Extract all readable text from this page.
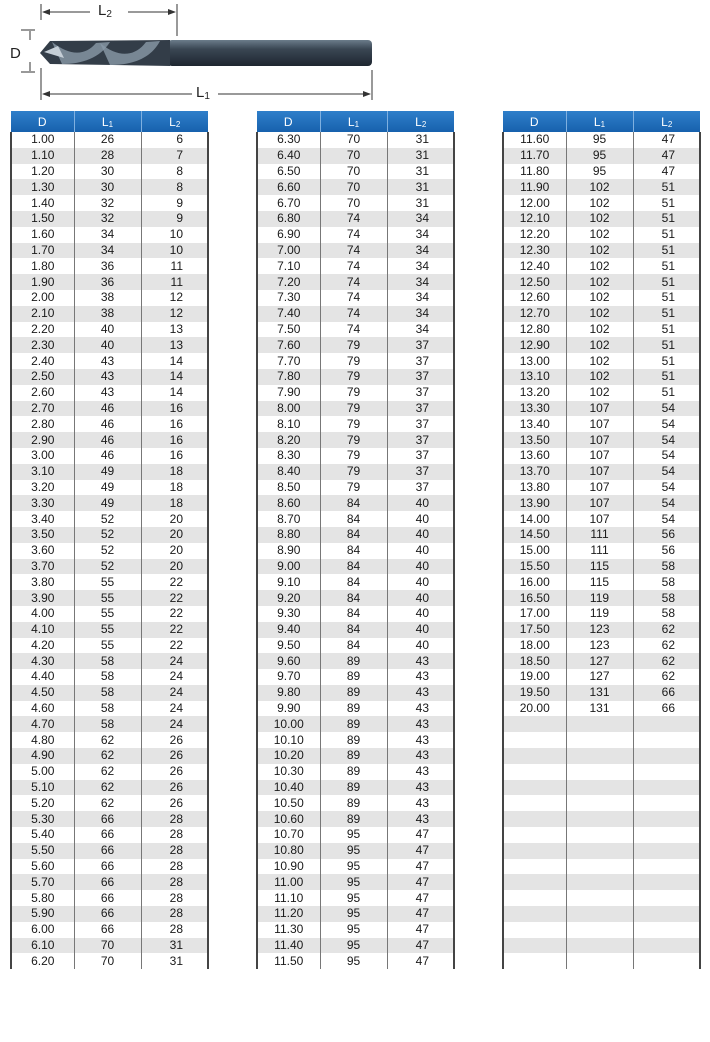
$L_2$
D
$L_1$
D	$L_1$	$L_2$
1.00	26	6
1.10	28	7
1.20	30	8
1.30	30	8
1.40	32	9
1.50	32	9
1.60	34	10
1.70	34	10
1.80	36	11
1.90	36	11
2.00	38	12
2.10	38	12
2.20	40	13
2.30	40	13
2.40	43	14
2.50	43	14
2.60	43	14
2.70	46	16
2.80	46	16
2.90	46	16
3.00	46	16
3.10	49	18
3.20	49	18
3.30	49	18
3.40	52	20
3.50	52	20
3.60	52	20
3.70	52	20
3.80	55	22
3.90	55	22
4.00	55	22
4.10	55	22
4.20	55	22
4.30	58	24
4.40	58	24
4.50	58	24
4.60	58	24
4.70	58	24
4.80	62	26
4.90	62	26
5.00	62	26
5.10	62	26
5.20	62	26
5.30	66	28
5.40	66	28
5.50	66	28
5.60	66	28
5.70	66	28
5.80	66	28
5.90	66	28
6.00	66	28
6.10	70	31
6.20	70	31
D	$L_1$	$L_2$
6.30	70	31
6.40	70	31
6.50	70	31
6.60	70	31
6.70	70	31
6.80	74	34
6.90	74	34
7.00	74	34
7.10	74	34
7.20	74	34
7.30	74	34
7.40	74	34
7.50	74	34
7.60	79	37
7.70	79	37
7.80	79	37
7.90	79	37
8.00	79	37
8.10	79	37
8.20	79	37
8.30	79	37
8.40	79	37
8.50	79	37
8.60	84	40
8.70	84	40
8.80	84	40
8.90	84	40
9.00	84	40
9.10	84	40
9.20	84	40
9.30	84	40
9.40	84	40
9.50	84	40
9.60	89	43
9.70	89	43
9.80	89	43
9.90	89	43
10.00	89	43
10.10	89	43
10.20	89	43
10.30	89	43
10.40	89	43
10.50	89	43
10.60	89	43
10.70	95	47
10.80	95	47
10.90	95	47
11.00	95	47
11.10	95	47
11.20	95	47
11.30	95	47
11.40	95	47
11.50	95	47
D	$L_1$	$L_2$
11.60	95	47
11.70	95	47
11.80	95	47
11.90	102	51
12.00	102	51
12.10	102	51
12.20	102	51
12.30	102	51
12.40	102	51
12.50	102	51
12.60	102	51
12.70	102	51
12.80	102	51
12.90	102	51
13.00	102	51
13.10	102	51
13.20	102	51
13.30	107	54
13.40	107	54
13.50	107	54
13.60	107	54
13.70	107	54
13.80	107	54
13.90	107	54
14.00	107	54
14.50	111	56
15.00	111	56
15.50	115	58
16.00	115	58
16.50	119	58
17.00	119	58
17.50	123	62
18.00	123	62
18.50	127	62
19.00	127	62
19.50	131	66
20.00	131	66
